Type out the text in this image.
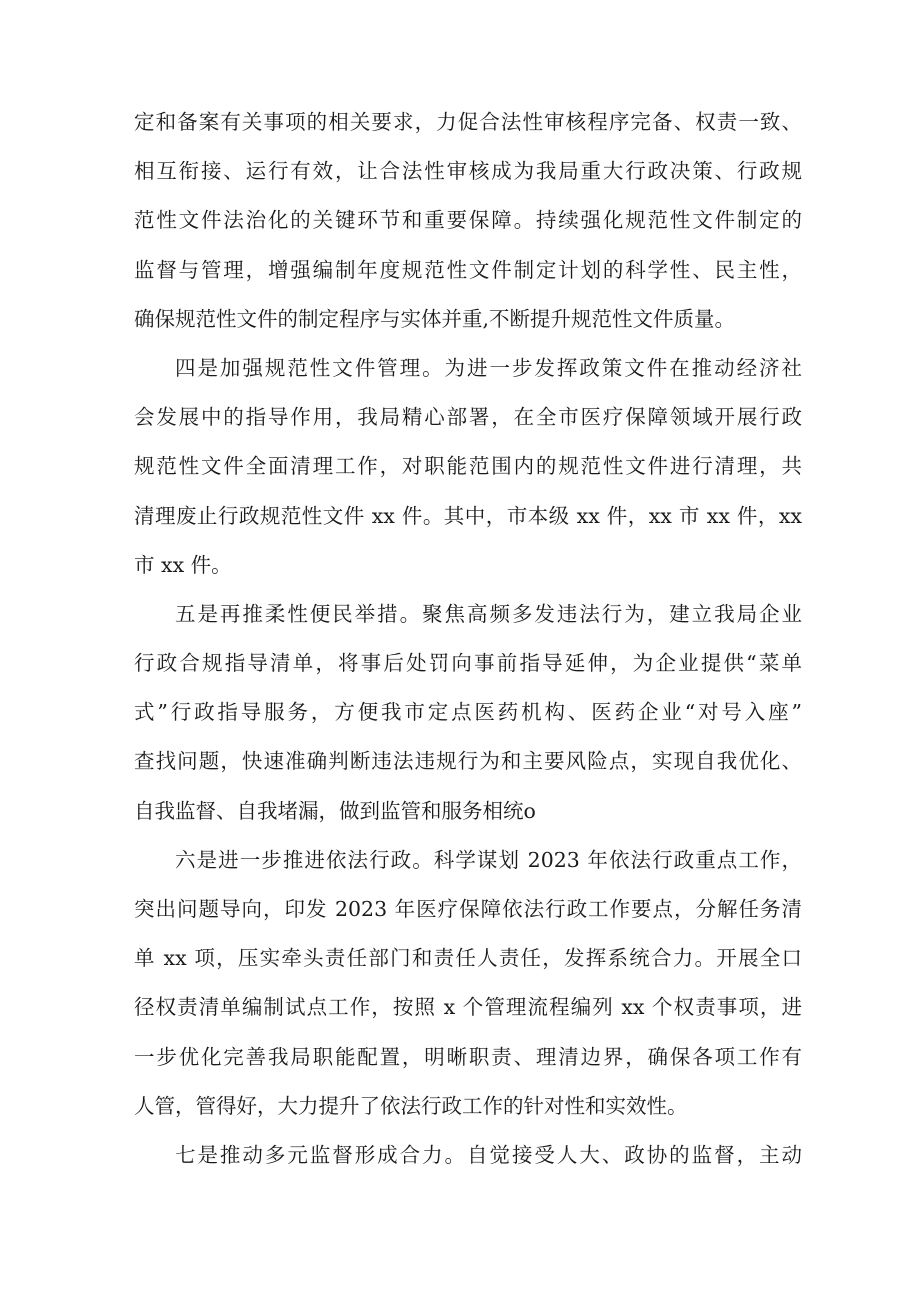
定和备案有关事项的相关要求，力促合法性审核程序完备、权责一致、
相互衔接、运行有效，让合法性审核成为我局重大行政决策、行政规
范性文件法治化的关键环节和重要保障。持续强化规范性文件制定的
监督与管理，增强编制年度规范性文件制定计划的科学性、民主性，
确保规范性文件的制定程序与实体并重,不断提升规范性文件质量。
四是加强规范性文件管理。为进一步发挥政策文件在推动经济社
会发展中的指导作用，我局精心部署，在全市医疗保障领域开展行政
规范性文件全面清理工作，对职能范围内的规范性文件进行清理，共
清理废止行政规范性文件 xx 件。其中，市本级 xx 件，xx 市 xx 件，xx
市 xx 件。
五是再推柔性便民举措。聚焦高频多发违法行为，建立我局企业
行政合规指导清单，将事后处罚向事前指导延伸，为企业提供“菜单
式”行政指导服务，方便我市定点医药机构、医药企业“对号入座”
查找问题，快速准确判断违法违规行为和主要风险点，实现自我优化、
自我监督、自我堵漏，做到监管和服务相统ο
六是进一步推进依法行政。科学谋划 2023 年依法行政重点工作，
突出问题导向，印发 2023 年医疗保障依法行政工作要点，分解任务清
单 xx 项，压实牵头责任部门和责任人责任，发挥系统合力。开展全口
径权责清单编制试点工作，按照 x 个管理流程编列 xx 个权责事项，进
一步优化完善我局职能配置，明晰职责、理清边界，确保各项工作有
人管，管得好，大力提升了依法行政工作的针对性和实效性。
七是推动多元监督形成合力。自觉接受人大、政协的监督，主动
